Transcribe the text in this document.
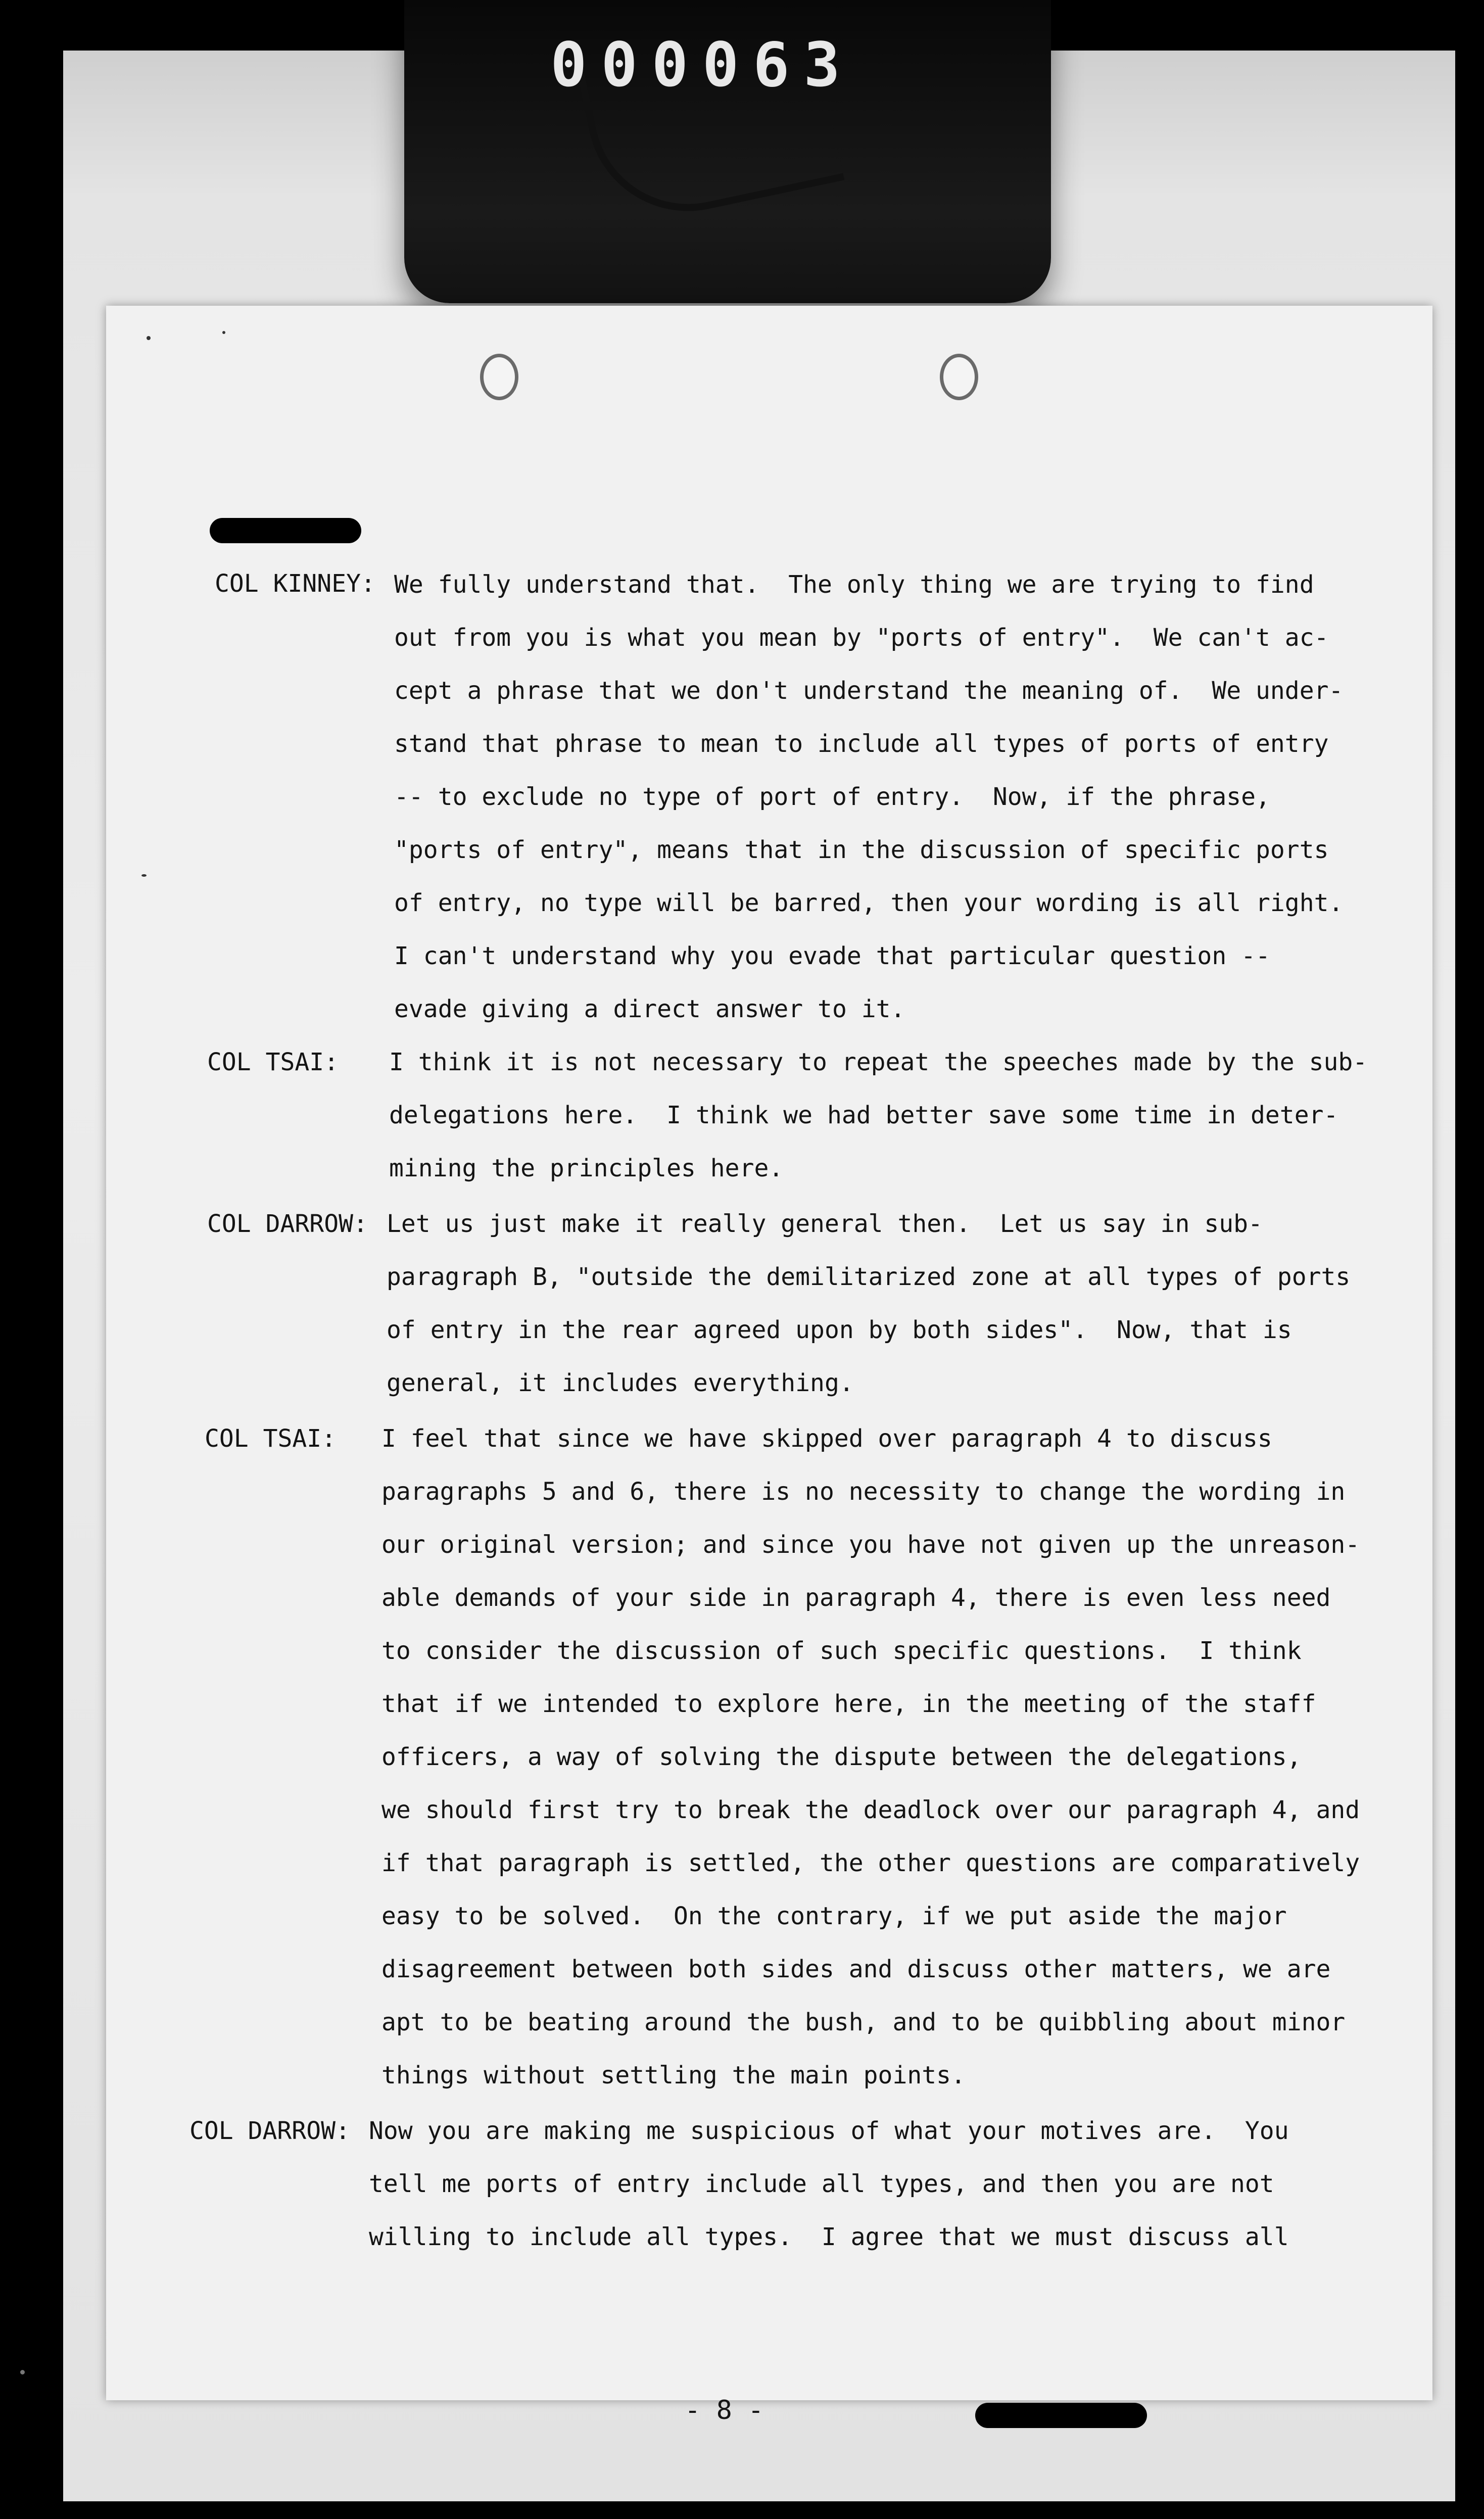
000063
COL KINNEY: We fully understand that.  The only thing we are trying to find
out from you is what you mean by "ports of entry".  We can't ac-
cept a phrase that we don't understand the meaning of.  We under-
stand that phrase to mean to include all types of ports of entry
-- to exclude no type of port of entry.  Now, if the phrase,
"ports of entry", means that in the discussion of specific ports
of entry, no type will be barred, then your wording is all right.
I can't understand why you evade that particular question --
evade giving a direct answer to it.
COL TSAI: I think it is not necessary to repeat the speeches made by the sub-
delegations here.  I think we had better save some time in deter-
mining the principles here.
COL DARROW: Let us just make it really general then.  Let us say in sub-
paragraph B, "outside the demilitarized zone at all types of ports
of entry in the rear agreed upon by both sides".  Now, that is
general, it includes everything.
COL TSAI: I feel that since we have skipped over paragraph 4 to discuss
paragraphs 5 and 6, there is no necessity to change the wording in
our original version; and since you have not given up the unreason-
able demands of your side in paragraph 4, there is even less need
to consider the discussion of such specific questions.  I think
that if we intended to explore here, in the meeting of the staff
officers, a way of solving the dispute between the delegations,
we should first try to break the deadlock over our paragraph 4, and
if that paragraph is settled, the other questions are comparatively
easy to be solved.  On the contrary, if we put aside the major
disagreement between both sides and discuss other matters, we are
apt to be beating around the bush, and to be quibbling about minor
things without settling the main points.
COL DARROW: Now you are making me suspicious of what your motives are.  You
tell me ports of entry include all types, and then you are not
willing to include all types.  I agree that we must discuss all
- 8 -
